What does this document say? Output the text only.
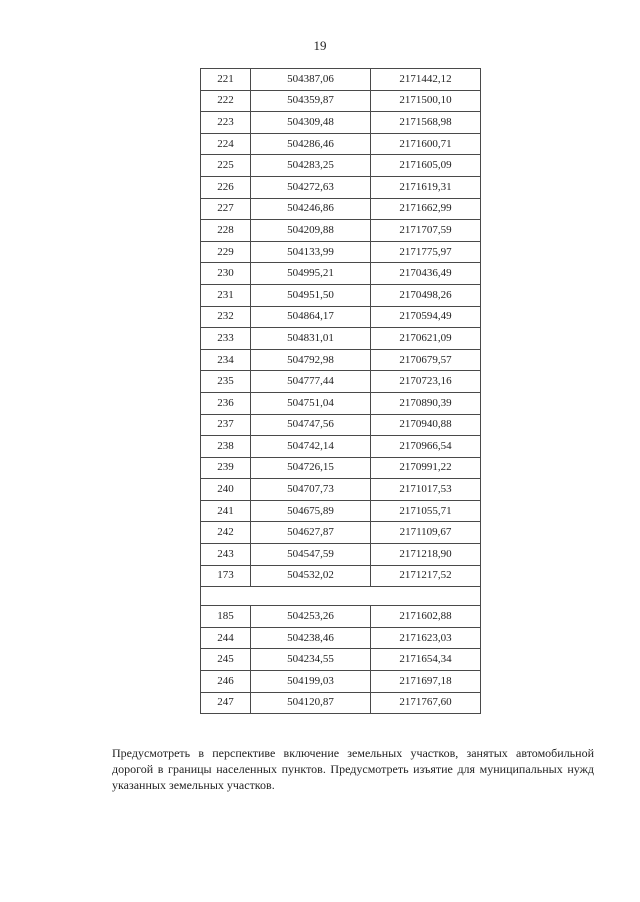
19
221	504387,06	2171442,12
222	504359,87	2171500,10
223	504309,48	2171568,98
224	504286,46	2171600,71
225	504283,25	2171605,09
226	504272,63	2171619,31
227	504246,86	2171662,99
228	504209,88	2171707,59
229	504133,99	2171775,97
230	504995,21	2170436,49
231	504951,50	2170498,26
232	504864,17	2170594,49
233	504831,01	2170621,09
234	504792,98	2170679,57
235	504777,44	2170723,16
236	504751,04	2170890,39
237	504747,56	2170940,88
238	504742,14	2170966,54
239	504726,15	2170991,22
240	504707,73	2171017,53
241	504675,89	2171055,71
242	504627,87	2171109,67
243	504547,59	2171218,90
173	504532,02	2171217,52

185	504253,26	2171602,88
244	504238,46	2171623,03
245	504234,55	2171654,34
246	504199,03	2171697,18
247	504120,87	2171767,60
Предусмотреть в перспективе включение земельных участков, занятых автомобильной дорогой в границы населенных пунктов. Предусмотреть изъятие для муниципальных нужд указанных земельных участков.
